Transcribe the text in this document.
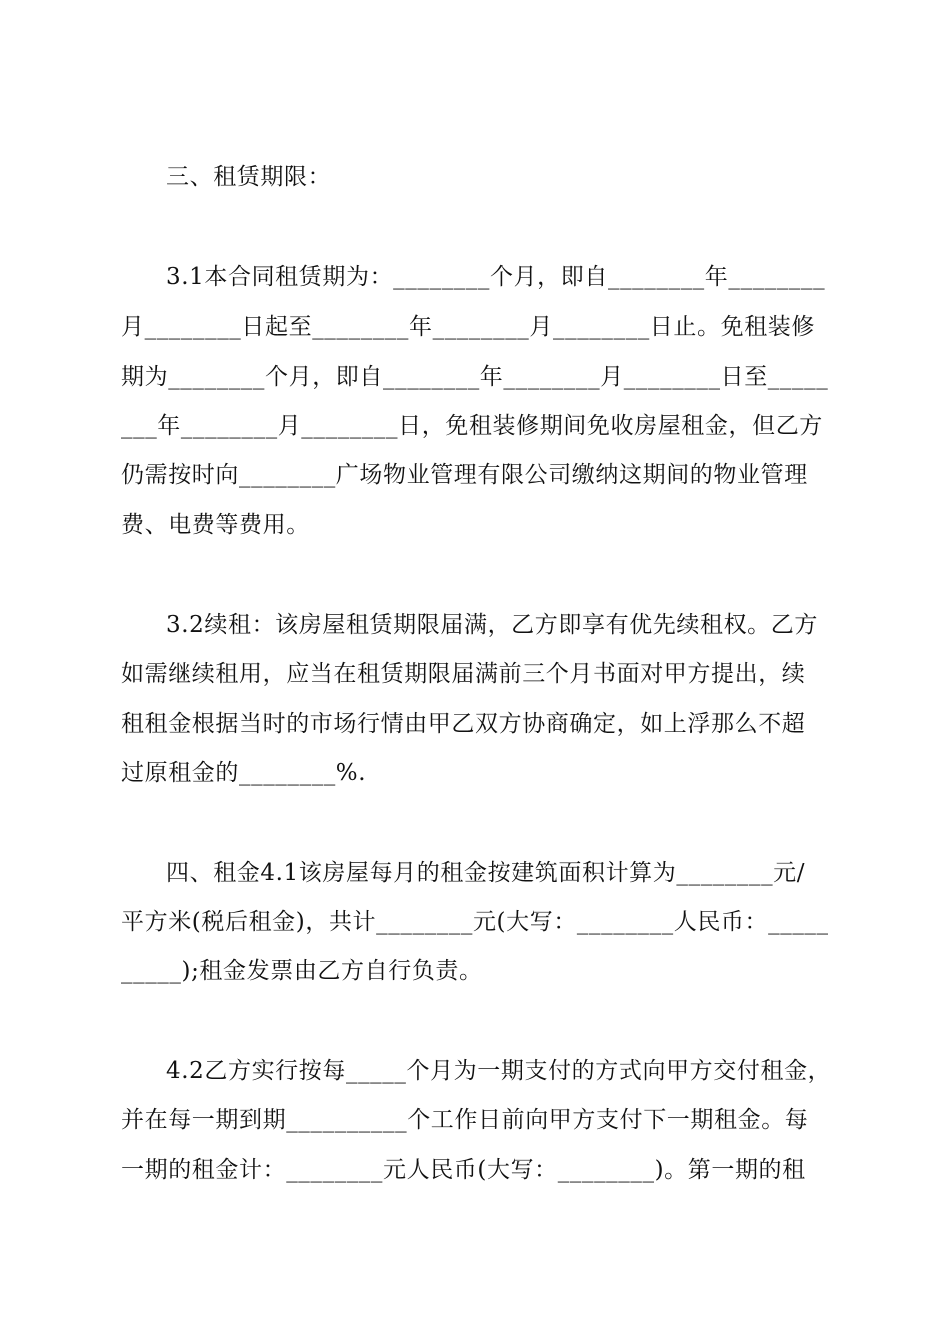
三、租赁期限：
3.1本合同租赁期为：________个月，即自________年________
月________日起至________年________月________日止。免租装修
期为________个月，即自________年________月________日至_____
___年________月________日，免租装修期间免收房屋租金，但乙方
仍需按时向________广场物业管理有限公司缴纳这期间的物业管理
费、电费等费用。
3.2续租：该房屋租赁期限届满，乙方即享有优先续租权。乙方
如需继续租用，应当在租赁期限届满前三个月书面对甲方提出，续
租租金根据当时的市场行情由甲乙双方协商确定，如上浮那么不超
过原租金的________%.
四、租金4.1该房屋每月的租金按建筑面积计算为________元/
平方米(税后租金)，共计________元(大写：________人民币：_____
_____);租金发票由乙方自行负责。
4.2乙方实行按每_____个月为一期支付的方式向甲方交付租金，
并在每一期到期__________个工作日前向甲方支付下一期租金。每
一期的租金计：________元人民币(大写：________)。第一期的租
